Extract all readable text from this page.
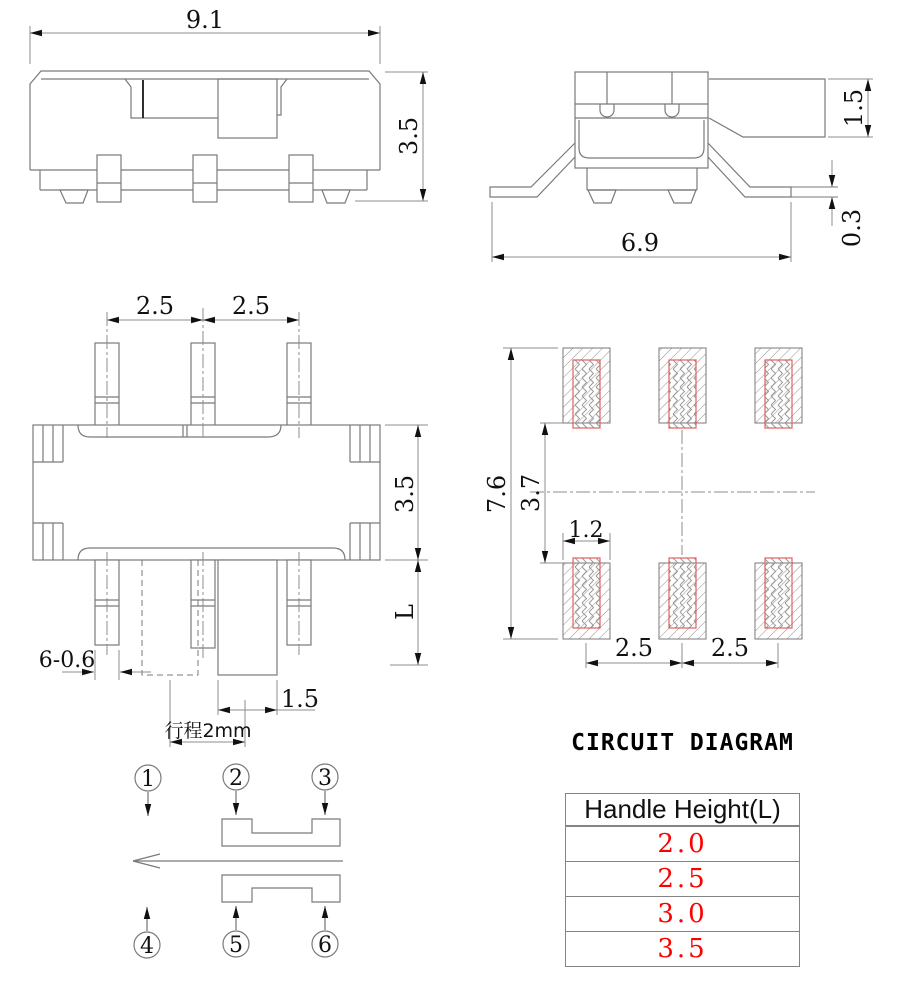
9.1
3.5
1.5
0.3
6.9
2.5 2.5
3.5
L
6-0.6
1.5
行程2mm
7.6 3.7
1.2
2.5 2.5
1	2	3
4	5	6
CIRCUIT DIAGRAM
Handle Height(L)
2.0
2.5
3.0
3.5
